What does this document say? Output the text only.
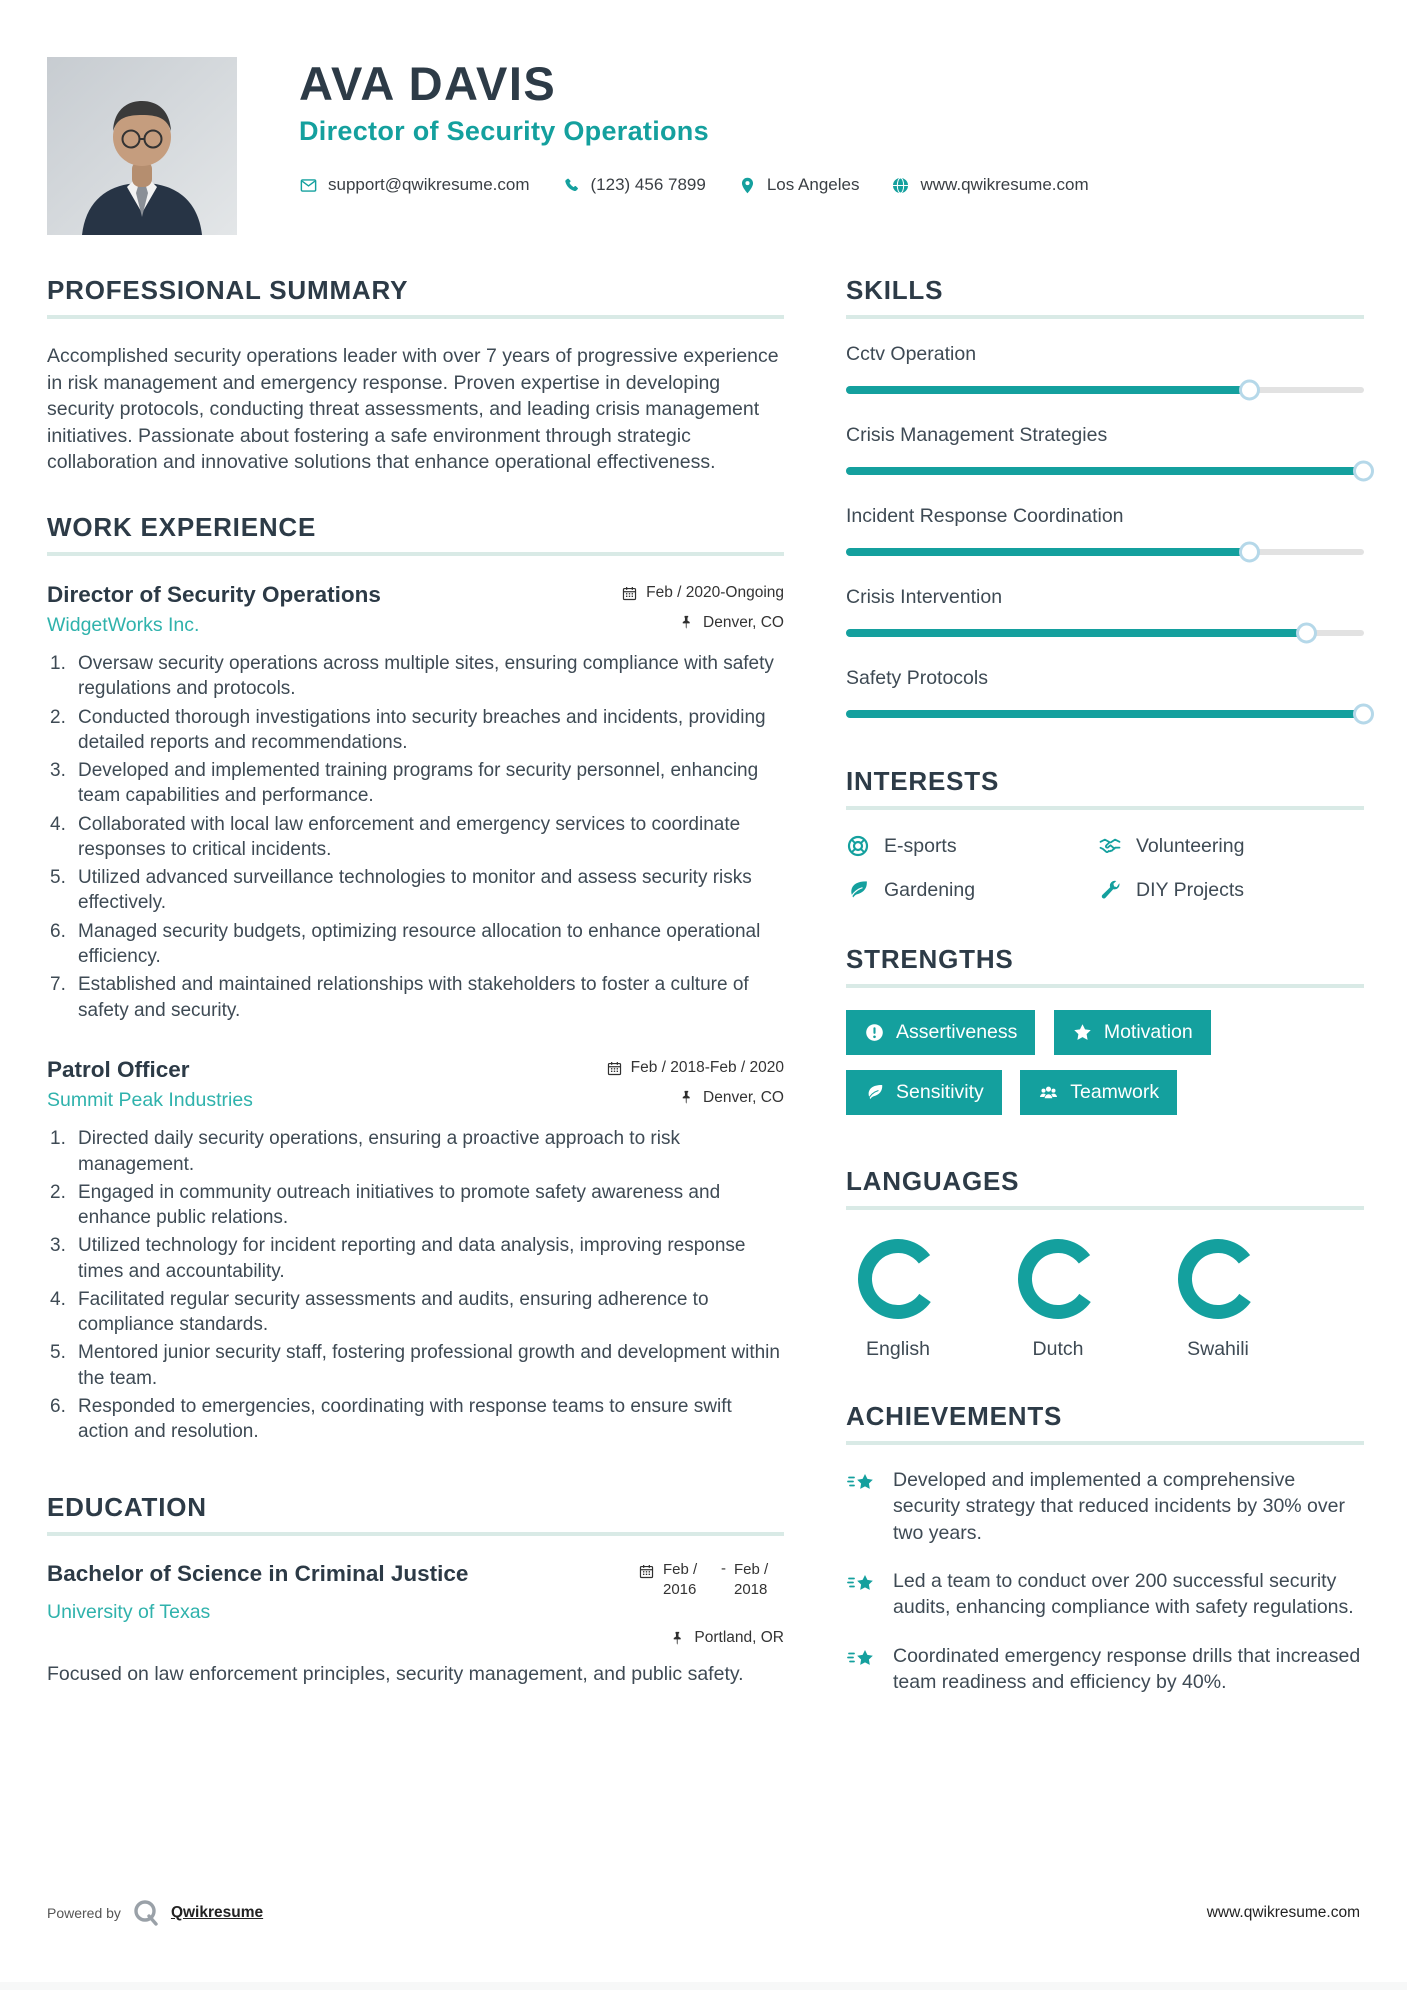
AVA DAVIS
Director of Security Operations
support@qwikresume.com	(123) 456 7899	Los Angeles	www.qwikresume.com
PROFESSIONAL SUMMARY

Accomplished security operations leader with over 7 years of progressive experience in risk management and emergency response. Proven expertise in developing security protocols, conducting threat assessments, and leading crisis management initiatives. Passionate about fostering a safe environment through strategic collaboration and innovative solutions that enhance operational effectiveness.

WORK EXPERIENCE
Director of Security Operations	Feb / 2020-Ongoing
WidgetWorks Inc.	Denver, CO
Oversaw security operations across multiple sites, ensuring compliance with safety regulations and protocols.
Conducted thorough investigations into security breaches and incidents, providing detailed reports and recommendations.
Developed and implemented training programs for security personnel, enhancing team capabilities and performance.
Collaborated with local law enforcement and emergency services to coordinate responses to critical incidents.
Utilized advanced surveillance technologies to monitor and assess security risks effectively.
Managed security budgets, optimizing resource allocation to enhance operational efficiency.
Established and maintained relationships with stakeholders to foster a culture of safety and security.
Patrol Officer	Feb / 2018-Feb / 2020
Summit Peak Industries	Denver, CO
Directed daily security operations, ensuring a proactive approach to risk management.
Engaged in community outreach initiatives to promote safety awareness and enhance public relations.
Utilized technology for incident reporting and data analysis, improving response times and accountability.
Facilitated regular security assessments and audits, ensuring adherence to compliance standards.
Mentored junior security staff, fostering professional growth and development within the team.
Responded to emergencies, coordinating with response teams to ensure swift action and resolution.
EDUCATION
Bachelor of Science in Criminal Justice
University of Texas
Feb / 2016
- Feb / 2018
Portland, OR

Focused on law enforcement principles, security management, and public safety.

SKILLS
Cctv Operation
Crisis Management Strategies
Incident Response Coordination
Crisis Intervention
Safety Protocols
INTERESTS
E-sports	Volunteering
Gardening	DIY Projects
STRENGTHS
Assertiveness
	Motivation

Sensitivity
	Teamwork
LANGUAGES
English	Dutch	Swahili
ACHIEVEMENTS
Developed and implemented a comprehensive security strategy that reduced incidents by 30% over two years.
Led a team to conduct over 200 successful security audits, enhancing compliance with safety regulations.
Coordinated emergency response drills that increased team readiness and efficiency by 40%.
Powered by	Qwikresume	www.qwikresume.com
